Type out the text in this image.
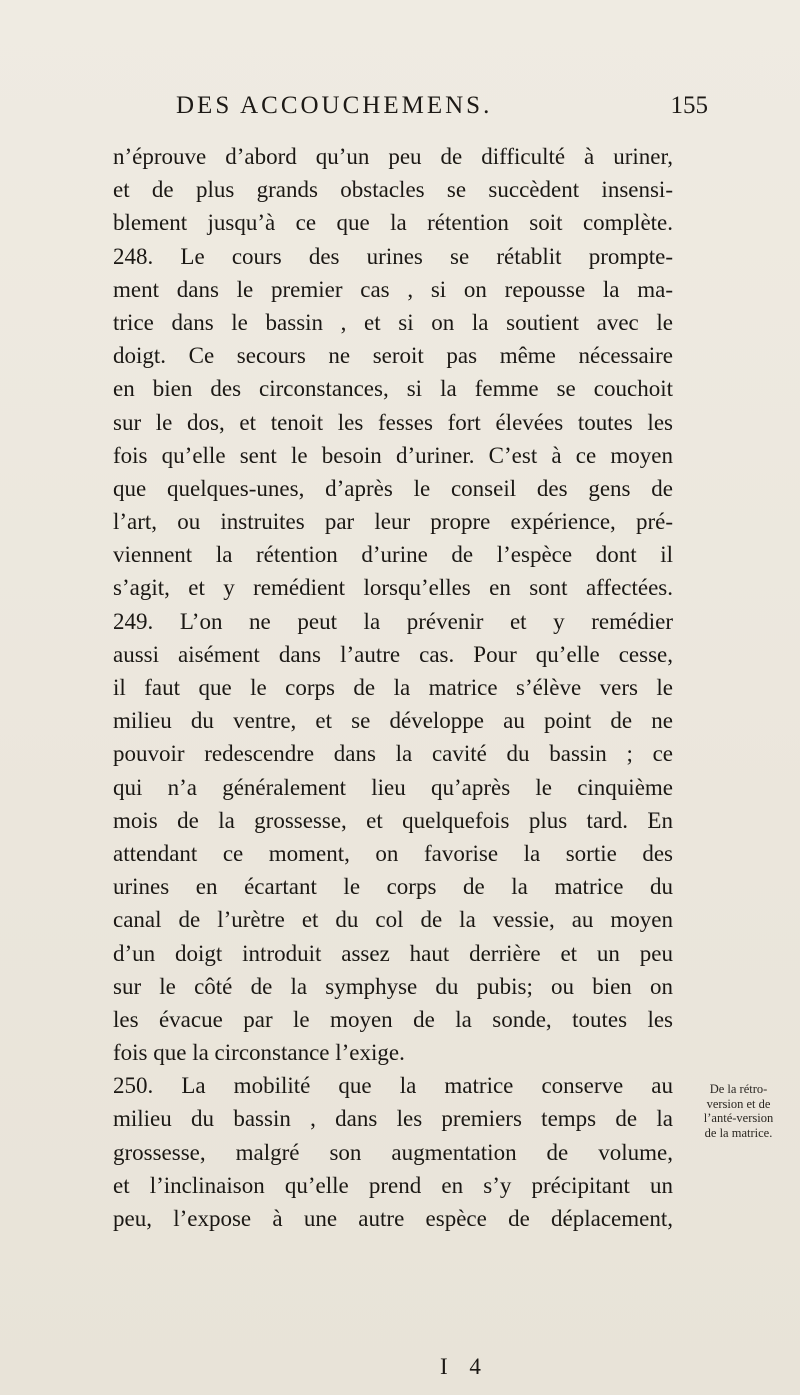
DES ACCOUCHEMENS.	155
n’éprouve d’abord qu’un peu de difficulté à uriner,
et de plus grands obstacles se succèdent insensi-
blement jusqu’à ce que la rétention soit complète.
248. Le cours des urines se rétablit prompte-
ment dans le premier cas , si on repousse la ma-
trice dans le bassin , et si on la soutient avec le
doigt. Ce secours ne seroit pas même nécessaire
en bien des circonstances, si la femme se couchoit
sur le dos, et tenoit les fesses fort élevées toutes les
fois qu’elle sent le besoin d’uriner. C’est à ce moyen
que quelques-unes, d’après le conseil des gens de
l’art, ou instruites par leur propre expérience, pré-
viennent la rétention d’urine de l’espèce dont il
s’agit, et y remédient lorsqu’elles en sont affectées.
249. L’on ne peut la prévenir et y remédier
aussi aisément dans l’autre cas. Pour qu’elle cesse,
il faut que le corps de la matrice s’élève vers le
milieu du ventre, et se développe au point de ne
pouvoir redescendre dans la cavité du bassin ; ce
qui n’a généralement lieu qu’après le cinquième
mois de la grossesse, et quelquefois plus tard. En
attendant ce moment, on favorise la sortie des
urines en écartant le corps de la matrice du
canal de l’urètre et du col de la vessie, au moyen
d’un doigt introduit assez haut derrière et un peu
sur le côté de la symphyse du pubis; ou bien on
les évacue par le moyen de la sonde, toutes les
fois que la circonstance l’exige.
250. La mobilité que la matrice conserve au
milieu du bassin , dans les premiers temps de la
grossesse, malgré son augmentation de volume,
et l’inclinaison qu’elle prend en s’y précipitant un
peu, l’expose à une autre espèce de déplacement,
De la rétro-
version et de
l’anté-version
de la matrice.
I 4
